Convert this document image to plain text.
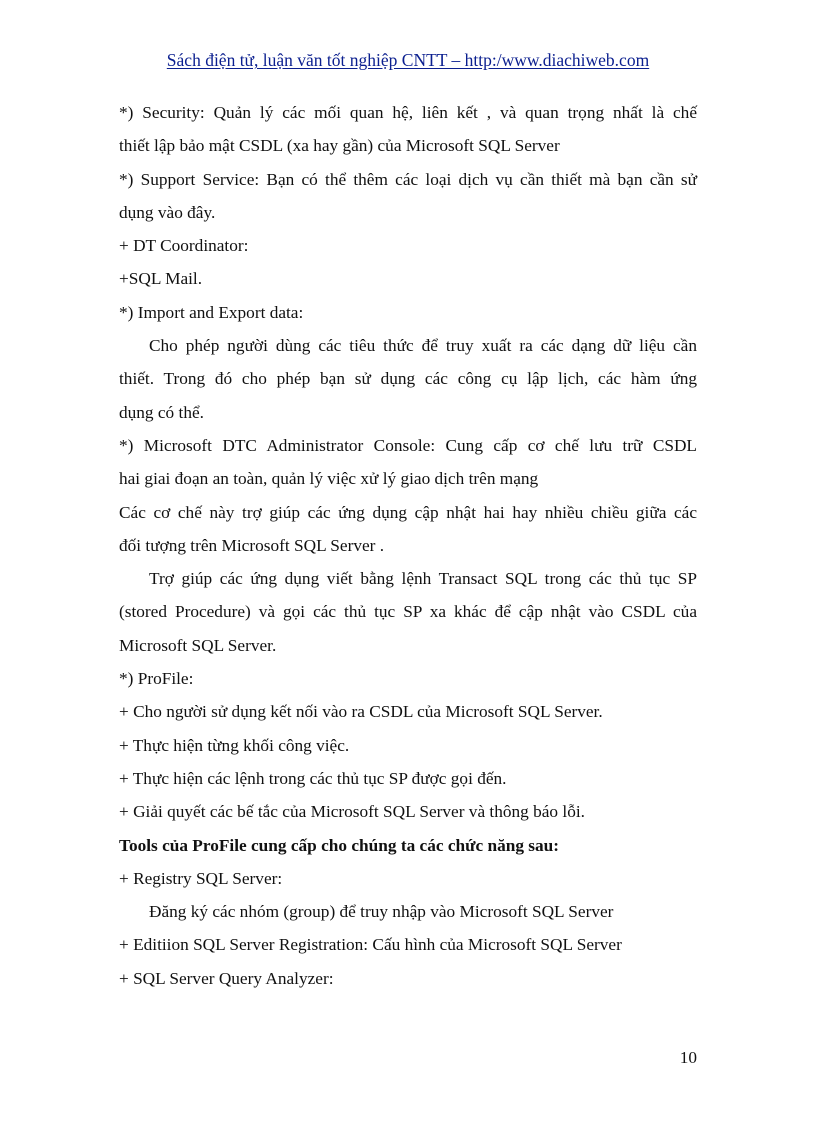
Sách điện tử, luận văn tốt nghiệp CNTT – http:/www.diachiweb.com
*) Security: Quản lý các mối quan hệ, liên kết , và quan trọng nhất là chế
thiết lập bảo mật CSDL (xa hay gần) của Microsoft SQL Server
*) Support Service: Bạn có thể thêm các loại dịch vụ cần thiết mà bạn cần sử
dụng vào đây.
+ DT Coordinator:
+SQL Mail.
*) Import and Export data:
Cho phép người dùng các tiêu thức để truy xuất ra các dạng dữ liệu cần
thiết. Trong đó cho phép bạn sử dụng các công cụ lập lịch, các hàm ứng
dụng có thể.
*) Microsoft DTC Administrator Console: Cung cấp cơ chế lưu trữ CSDL
hai giai đoạn an toàn, quản lý việc xử lý giao dịch trên mạng
Các cơ chế này trợ giúp các ứng dụng cập nhật hai hay nhiều chiều giữa các
đối tượng trên Microsoft SQL Server .
Trợ giúp các ứng dụng viết bằng lệnh Transact SQL trong các thủ tục SP
(stored Procedure) và gọi các thủ tục SP xa khác để cập nhật vào CSDL của
Microsoft SQL Server.
*) ProFile:
+ Cho người sử dụng kết nối vào ra CSDL của Microsoft SQL Server.
+ Thực hiện từng khối công việc.
+ Thực hiện các lệnh trong các thủ tục SP được gọi đến.
+ Giải quyết các bế tắc của Microsoft SQL Server và thông báo lỗi.
Tools của ProFile cung cấp cho chúng ta các chức năng sau:
+ Registry SQL Server:
Đăng ký các nhóm (group) để truy nhập vào Microsoft SQL Server
+ Editiion SQL Server Registration: Cấu hình của Microsoft SQL Server
+ SQL Server Query Analyzer:
10
